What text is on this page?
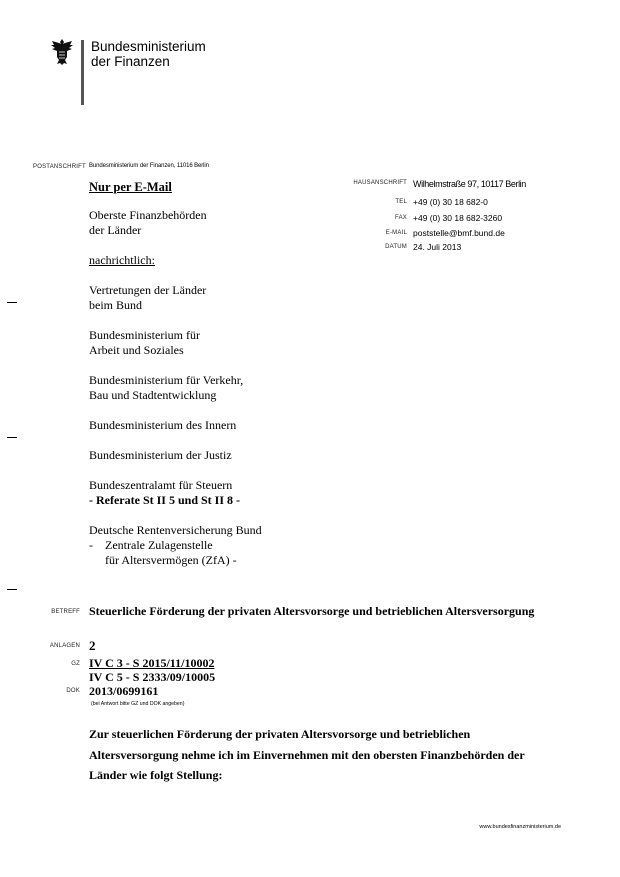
Bundesministerium
der Finanzen
POSTANSCHRIFT Bundesministerium der Finanzen, 11016 Berlin
Nur per E-Mail
Oberste Finanzbehörden
der Länder
nachrichtlich:
Vertretungen der Länder
beim Bund
Bundesministerium für
Arbeit und Soziales
Bundesministerium für Verkehr,
Bau und Stadtentwicklung
Bundesministerium des Innern
Bundesministerium der Justiz
Bundeszentralamt für Steuern
- Referate St II 5 und St II 8 -
Deutsche Rentenversicherung Bund
-	Zentrale Zulagenstelle
für Altersvermögen (ZfA) -
HAUSANSCHRIFT Wilhelmstraße 97, 10117 Berlin
TEL +49 (0) 30 18 682-0
FAX +49 (0) 30 18 682-3260
E-MAIL poststelle@bmf.bund.de
DATUM 24. Juli 2013
BETREFF Steuerliche Förderung der privaten Altersvorsorge und betrieblichen Altersversorgung
ANLAGEN 2
GZ IV C 3 - S 2015/11/10002
IV C 5 - S 2333/09/10005
DOK 2013/0699161
(bei Antwort bitte GZ und DOK angeben)
Zur steuerlichen Förderung der privaten Altersvorsorge und betrieblichen Altersversorgung nehme ich im Einvernehmen mit den obersten Finanzbehörden der Länder wie folgt Stellung:
www.bundesfinanzministerium.de
